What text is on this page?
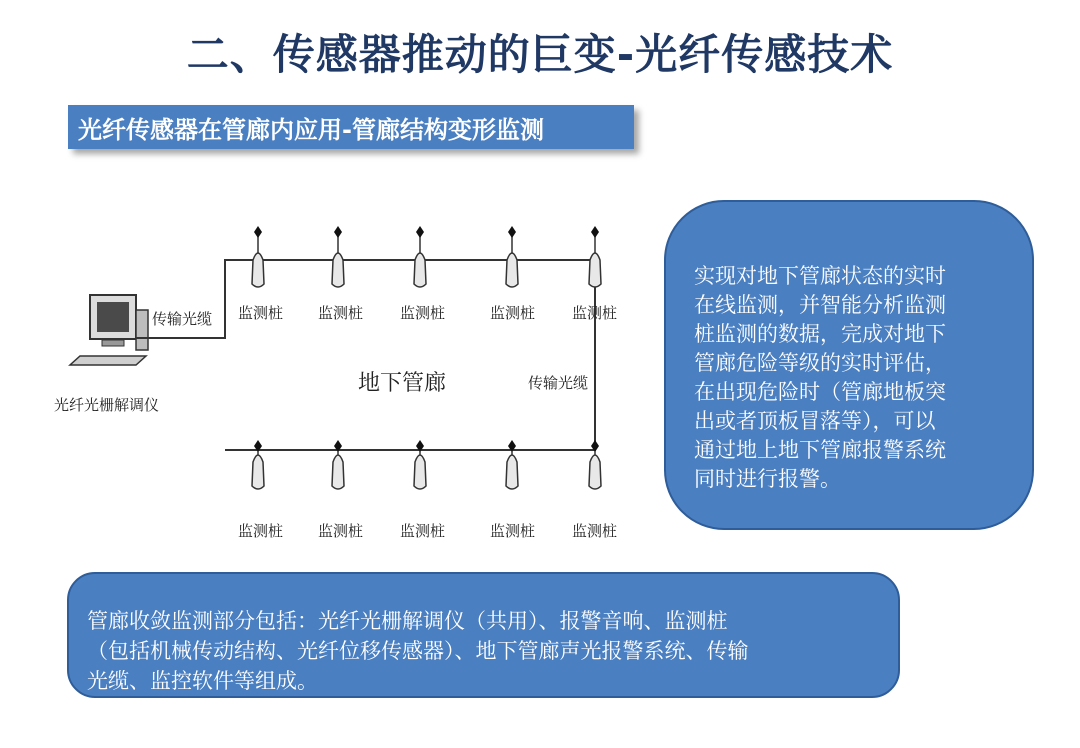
二、传感器推动的巨变-光纤传感技术
光纤传感器在管廊内应用-管廊结构变形监测
光纤光栅解调仪
传输光缆
传输光缆
地下管廊
监测桩 监测桩 监测桩	监测桩 监测桩
监测桩 监测桩 监测桩	监测桩 监测桩
实现对地下管廊状态的实时
在线监测，并智能分析监测
桩监测的数据，完成对地下
管廊危险等级的实时评估，
在出现危险时（管廊地板突
出或者顶板冒落等），可以
通过地上地下管廊报警系统
同时进行报警。
管廊收敛监测部分包括：光纤光栅解调仪（共用）、报警音响、监测桩
（包括机械传动结构、光纤位移传感器）、地下管廊声光报警系统、传输
光缆、监控软件等组成。
